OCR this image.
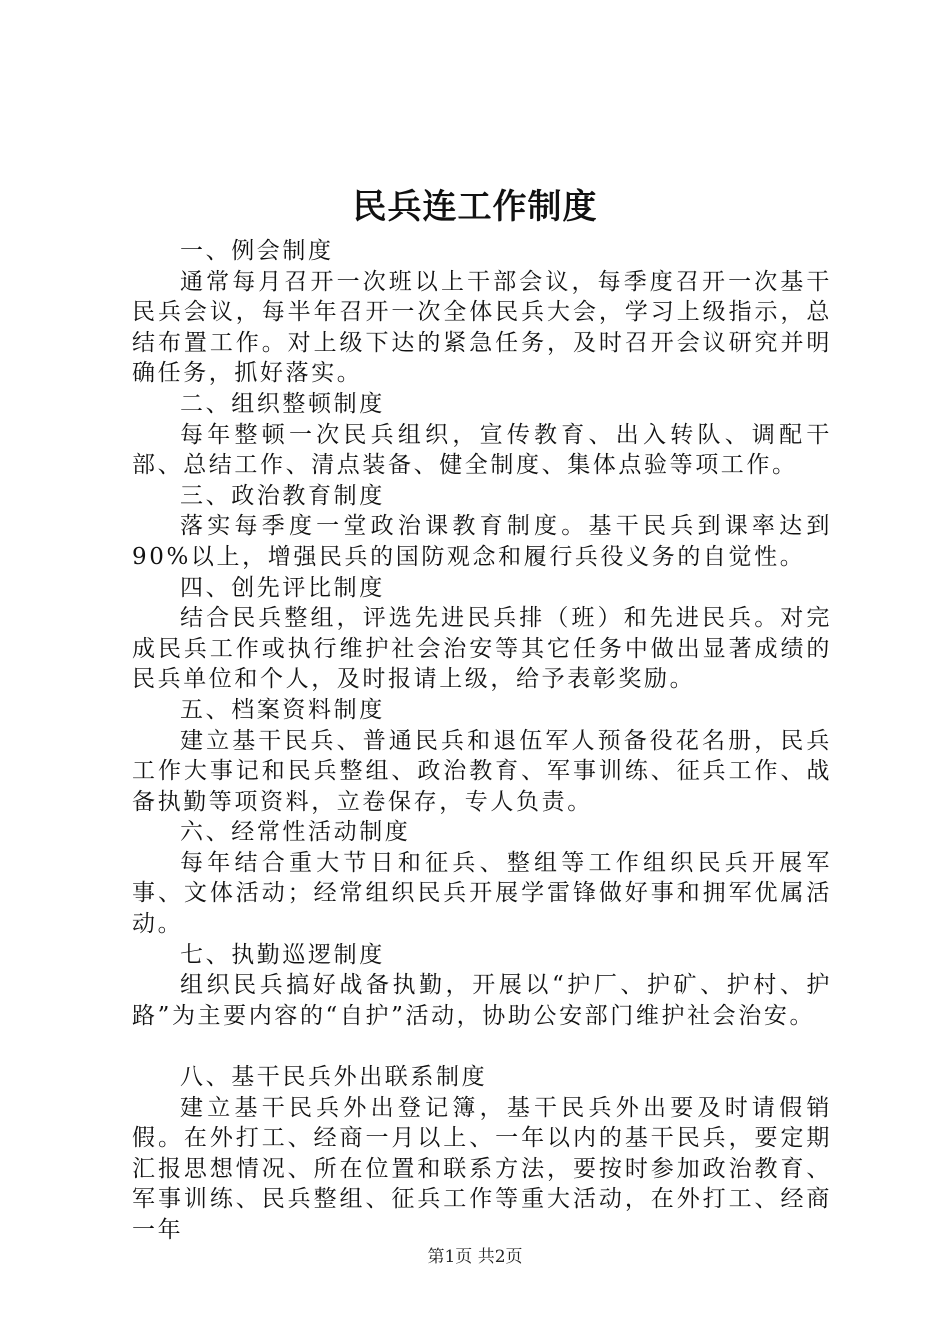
民兵连工作制度

一、例会制度

通常每月召开一次班以上干部会议，每季度召开一次基干民兵会议，每半年召开一次全体民兵大会，学习上级指示，总结布置工作。对上级下达的紧急任务，及时召开会议研究并明确任务，抓好落实。

二、组织整顿制度

每年整顿一次民兵组织，宣传教育、出入转队、调配干部、总结工作、清点装备、健全制度、集体点验等项工作。

三、政治教育制度

落实每季度一堂政治课教育制度。基干民兵到课率达到90%以上，增强民兵的国防观念和履行兵役义务的自觉性。

四、创先评比制度

结合民兵整组，评选先进民兵排（班）和先进民兵。对完成民兵工作或执行维护社会治安等其它任务中做出显著成绩的民兵单位和个人，及时报请上级，给予表彰奖励。

五、档案资料制度

建立基干民兵、普通民兵和退伍军人预备役花名册，民兵工作大事记和民兵整组、政治教育、军事训练、征兵工作、战备执勤等项资料，立卷保存，专人负责。

六、经常性活动制度

每年结合重大节日和征兵、整组等工作组织民兵开展军事、文体活动；经常组织民兵开展学雷锋做好事和拥军优属活动。

七、执勤巡逻制度

组织民兵搞好战备执勤，开展以“护厂、护矿、护村、护路”为主要内容的“自护”活动，协助公安部门维护社会治安。

八、基干民兵外出联系制度

建立基干民兵外出登记簿，基干民兵外出要及时请假销假。在外打工、经商一月以上、一年以内的基干民兵，要定期汇报思想情况、所在位置和联系方法，要按时参加政治教育、军事训练、民兵整组、征兵工作等重大活动，在外打工、经商一年

第1页 共2页
